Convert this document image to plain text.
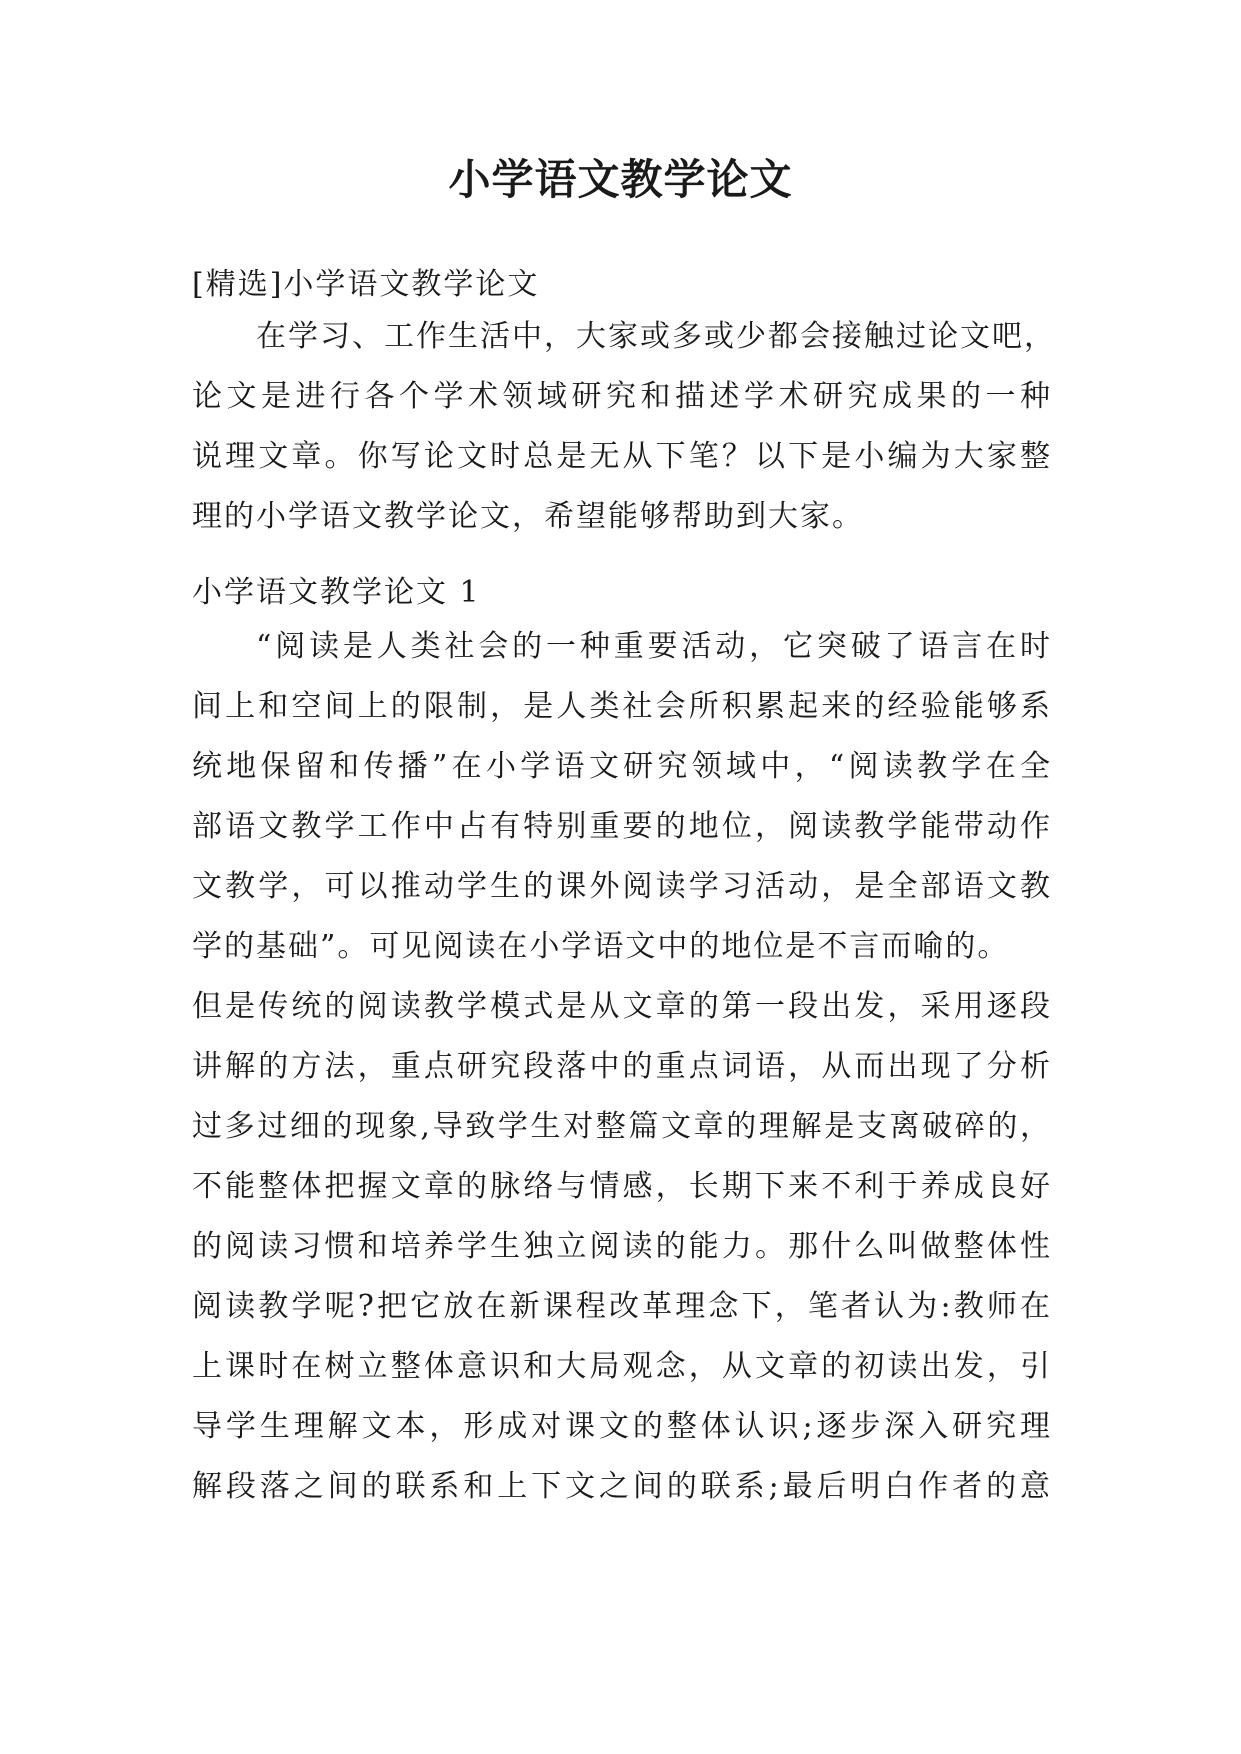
小学语文教学论文

[精选]小学语文教学论文

在学习、工作生活中，大家或多或少都会接触过论文吧，
论文是进行各个学术领域研究和描述学术研究成果的一种
说理文章。你写论文时总是无从下笔？以下是小编为大家整
理的小学语文教学论文，希望能够帮助到大家。

小学语文教学论文 1

“阅读是人类社会的一种重要活动，它突破了语言在时
间上和空间上的限制，是人类社会所积累起来的经验能够系
统地保留和传播”在小学语文研究领域中，“阅读教学在全
部语文教学工作中占有特别重要的地位，阅读教学能带动作
文教学，可以推动学生的课外阅读学习活动，是全部语文教
学的基础”。可见阅读在小学语文中的地位是不言而喻的。
但是传统的阅读教学模式是从文章的第一段出发，采用逐段
讲解的方法，重点研究段落中的重点词语，从而出现了分析
过多过细的现象,导致学生对整篇文章的理解是支离破碎的，
不能整体把握文章的脉络与情感，长期下来不利于养成良好
的阅读习惯和培养学生独立阅读的能力。那什么叫做整体性
阅读教学呢?把它放在新课程改革理念下，笔者认为:教师在
上课时在树立整体意识和大局观念，从文章的初读出发，引
导学生理解文本，形成对课文的整体认识;逐步深入研究理
解段落之间的联系和上下文之间的联系;最后明白作者的意
